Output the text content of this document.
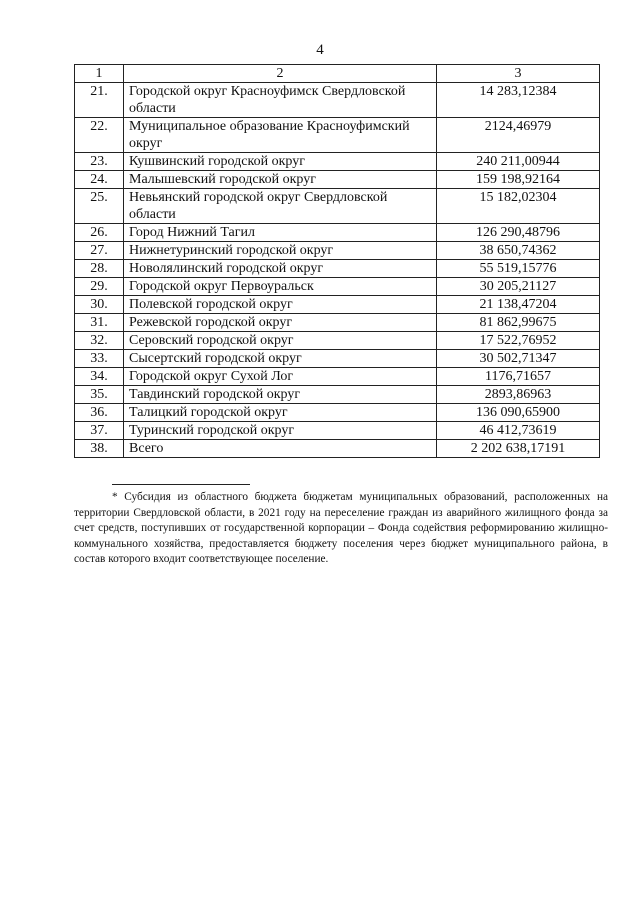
4
1	2	3
21.	Городской округ Красноуфимск Свердловской области	14 283,12384
22.	Муниципальное образование Красноуфимский округ	2124,46979
23.	Кушвинский городской округ	240 211,00944
24.	Малышевский городской округ	159 198,92164
25.	Невьянский городской округ Свердловской области	15 182,02304
26.	Город Нижний Тагил	126 290,48796
27.	Нижнетуринский городской округ	38 650,74362
28.	Новолялинский городской округ	55 519,15776
29.	Городской округ Первоуральск	30 205,21127
30.	Полевской городской округ	21 138,47204
31.	Режевской городской округ	81 862,99675
32.	Серовский городской округ	17 522,76952
33.	Сысертский городской округ	30 502,71347
34.	Городской округ Сухой Лог	1176,71657
35.	Тавдинский городской округ	2893,86963
36.	Талицкий городской округ	136 090,65900
37.	Туринский городской округ	46 412,73619
38.	Всего	2 202 638,17191
* Субсидия из областного бюджета бюджетам муниципальных образований, расположенных на территории Свердловской области, в 2021 году на переселение граждан из аварийного жилищного фонда за счет средств, поступивших от государственной корпорации – Фонда содействия реформированию жилищно-коммунального хозяйства, предоставляется бюджету поселения через бюджет муниципального района, в состав которого входит соответствующее поселение.
